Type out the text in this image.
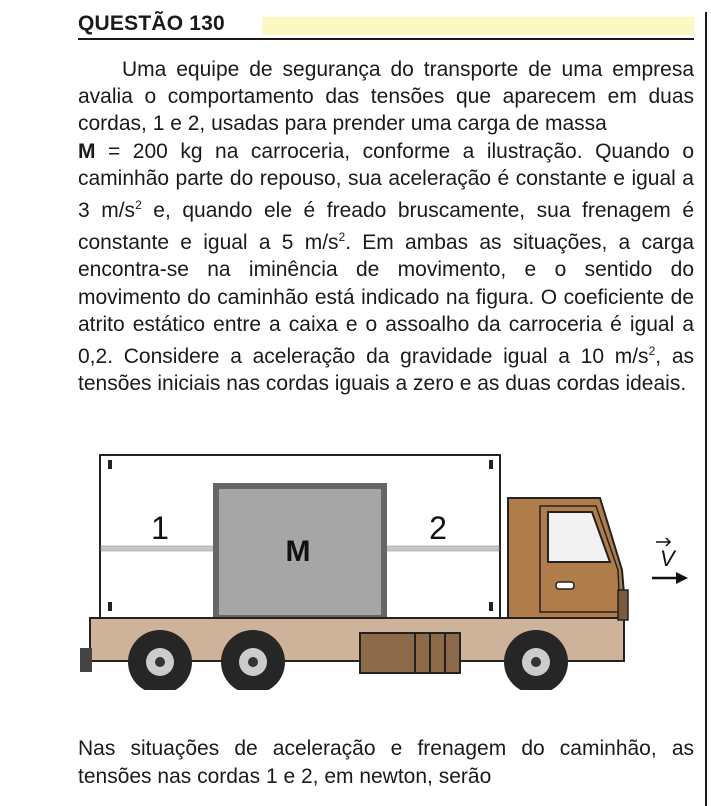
QUESTÃO 130
Uma equipe de segurança do transporte de uma empresa avalia o comportamento das tensões que aparecem em duas cordas, 1 e 2, usadas para prender uma carga de massa
M = 200 kg na carroceria, conforme a ilustração. Quando o caminhão parte do repouso, sua aceleração é constante e igual a 3 $m/s^2$ e, quando ele é freado bruscamente, sua frenagem é constante e igual a 5 $m/s^2$. Em ambas as situações, a carga encontra-se na iminência de movimento, e o sentido do movimento do caminhão está indicado na figura. O coeficiente de atrito estático entre a caixa e o assoalho da carroceria é igual a 0,2. Considere a aceleração da gravidade igual a 10 $m/s^2$, as tensões iniciais nas cordas iguais a zero e as duas cordas ideais.
M
1	2
V
Nas situações de aceleração e frenagem do caminhão, as tensões nas cordas 1 e 2, em newton, serão
